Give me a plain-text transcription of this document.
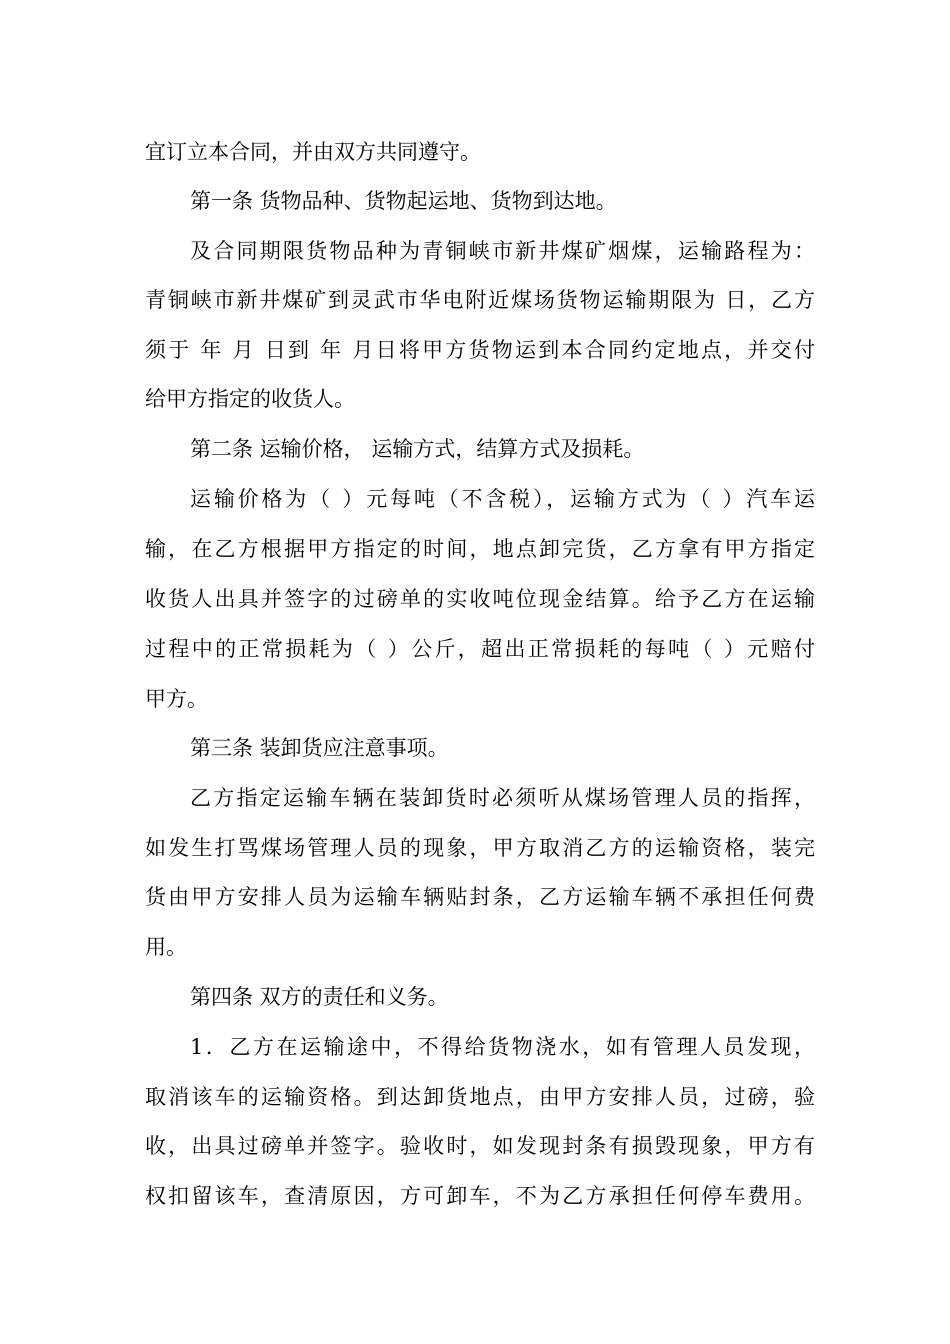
宜订立本合同，并由双方共同遵守。
第一条 货物品种、货物起运地、货物到达地。
及合同期限货物品种为青铜峡市新井煤矿烟煤，运输路程为：
青铜峡市新井煤矿到灵武市华电附近煤场货物运输期限为 日，乙方
须于 年 月 日到 年 月日将甲方货物运到本合同约定地点，并交付
给甲方指定的收货人。
第二条 运输价格， 运输方式，结算方式及损耗。
运输价格为（ ）元每吨（不含税），运输方式为（ ）汽车运
输，在乙方根据甲方指定的时间，地点卸完货，乙方拿有甲方指定
收货人出具并签字的过磅单的实收吨位现金结算。给予乙方在运输
过程中的正常损耗为（ ）公斤，超出正常损耗的每吨（ ）元赔付
甲方。
第三条 装卸货应注意事项。
乙方指定运输车辆在装卸货时必须听从煤场管理人员的指挥，
如发生打骂煤场管理人员的现象，甲方取消乙方的运输资格，装完
货由甲方安排人员为运输车辆贴封条，乙方运输车辆不承担任何费
用。
第四条 双方的责任和义务。
1．乙方在运输途中，不得给货物浇水，如有管理人员发现，
取消该车的运输资格。到达卸货地点，由甲方安排人员，过磅，验
收，出具过磅单并签字。验收时，如发现封条有损毁现象，甲方有
权扣留该车，查清原因，方可卸车，不为乙方承担任何停车费用。
